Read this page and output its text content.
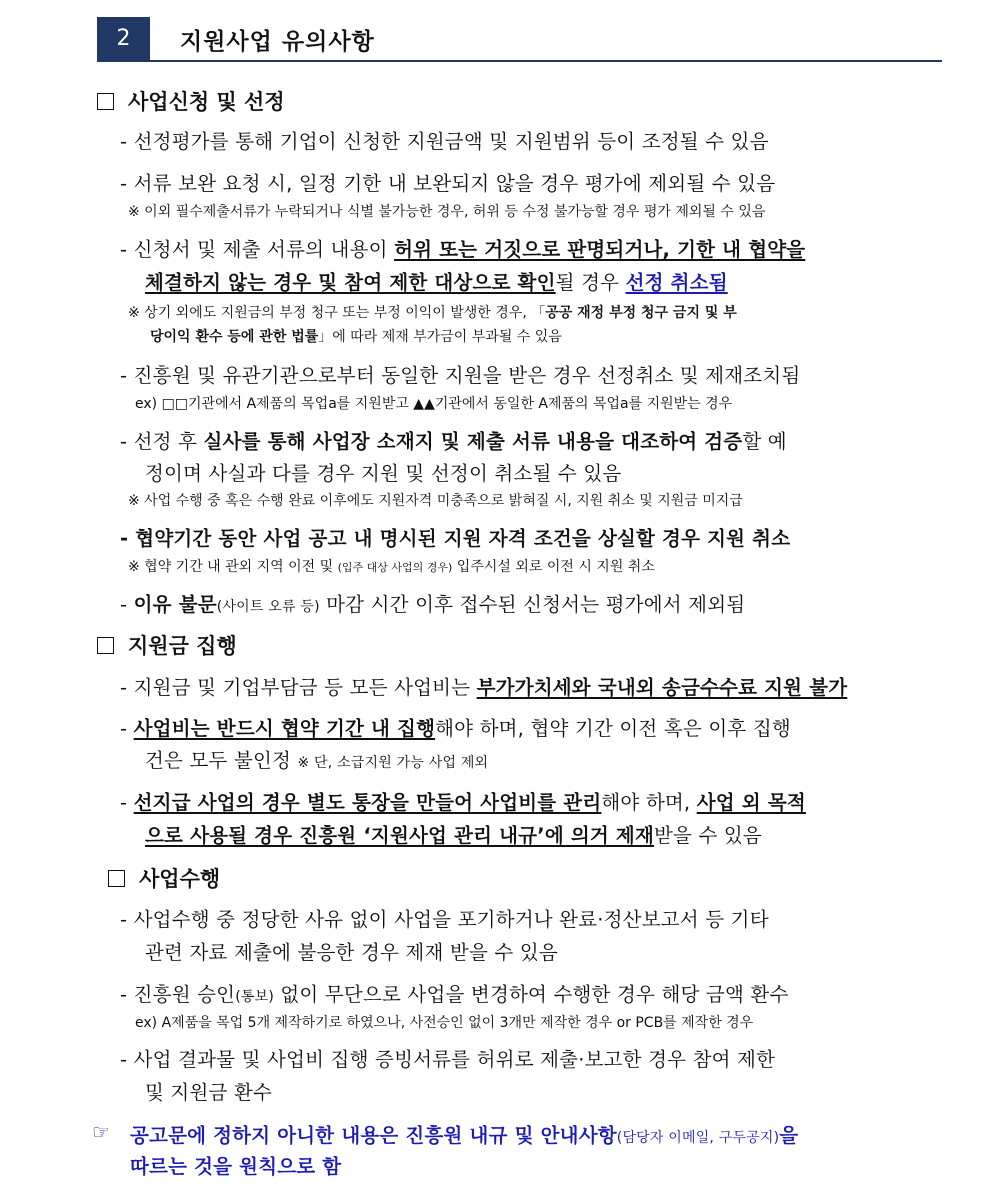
2	지원사업 유의사항
사업신청 및 선정
- 선정평가를 통해 기업이 신청한 지원금액 및 지원범위 등이 조정될 수 있음
- 서류 보완 요청 시, 일정 기한 내 보완되지 않을 경우 평가에 제외될 수 있음
※ 이외 필수제출서류가 누락되거나 식별 불가능한 경우, 허위 등 수정 불가능할 경우 평가 제외될 수 있음
- 신청서 및 제출 서류의 내용이 허위 또는 거짓으로 판명되거나, 기한 내 협약을
체결하지 않는 경우 및 참여 제한 대상으로 확인될 경우 선정 취소됨
※ 상기 외에도 지원금의 부정 청구 또는 부정 이익이 발생한 경우, 「공공 재정 부정 청구 금지 및 부
당이익 환수 등에 관한 법률」에 따라 제재 부가금이 부과될 수 있음
- 진흥원 및 유관기관으로부터 동일한 지원을 받은 경우 선정취소 및 제재조치됨
ex) □□기관에서 A제품의 목업a를 지원받고 ▲▲기관에서 동일한 A제품의 목업a를 지원받는 경우
- 선정 후 실사를 통해 사업장 소재지 및 제출 서류 내용을 대조하여 검증할 예
정이며 사실과 다를 경우 지원 및 선정이 취소될 수 있음
※ 사업 수행 중 혹은 수행 완료 이후에도 지원자격 미충족으로 밝혀질 시, 지원 취소 및 지원금 미지급
- 협약기간 동안 사업 공고 내 명시된 지원 자격 조건을 상실할 경우 지원 취소
※ 협약 기간 내 관외 지역 이전 및 (입주 대상 사업의 경우) 입주시설 외로 이전 시 지원 취소
- 이유 불문(사이트 오류 등) 마감 시간 이후 접수된 신청서는 평가에서 제외됨
지원금 집행
- 지원금 및 기업부담금 등 모든 사업비는 부가가치세와 국내외 송금수수료 지원 불가
- 사업비는 반드시 협약 기간 내 집행해야 하며, 협약 기간 이전 혹은 이후 집행
건은 모두 불인정 ※ 단, 소급지원 가능 사업 제외
- 선지급 사업의 경우 별도 통장을 만들어 사업비를 관리해야 하며, 사업 외 목적
으로 사용될 경우 진흥원 ‘지원사업 관리 내규’에 의거 제재받을 수 있음
사업수행
- 사업수행 중 정당한 사유 없이 사업을 포기하거나 완료·정산보고서 등 기타
관련 자료 제출에 불응한 경우 제재 받을 수 있음
- 진흥원 승인(통보) 없이 무단으로 사업을 변경하여 수행한 경우 해당 금액 환수
ex) A제품을 목업 5개 제작하기로 하였으나, 사전승인 없이 3개만 제작한 경우 or PCB를 제작한 경우
- 사업 결과물 및 사업비 집행 증빙서류를 허위로 제출·보고한 경우 참여 제한
및 지원금 환수
☞ 공고문에 정하지 아니한 내용은 진흥원 내규 및 안내사항(담당자 이메일, 구두공지)을
따르는 것을 원칙으로 함
